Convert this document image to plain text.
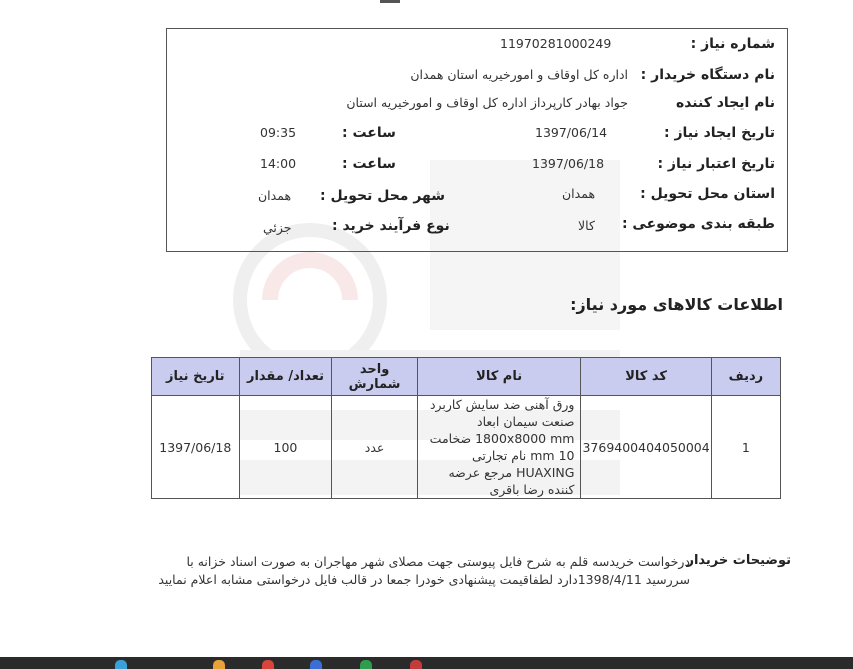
شماره نیاز :
11970281000249
نام دستگاه خریدار :
اداره کل اوقاف و امورخیریه استان همدان
نام ایجاد کننده
جواد بهادر کارپرداز اداره کل اوقاف و امورخیریه استان
تاریخ ایجاد نیاز :
1397/06/14
ساعت :
09:35
تاریخ اعتبار نیاز :
1397/06/18
ساعت :
14:00
استان محل تحویل :
همدان
شهر محل تحویل :
همدان
طبقه بندی موضوعی :
کالا
نوع فرآیند خرید :
جزئي
اطلاعات کالاهای مورد نیاز:
ردیف	کد کالا	نام کالا	واحد شمارش	تعداد/ مقدار	تاریخ نیاز
1	3769400404050004	ورق آهنی ضد سایش کاربرد صنعت سیمان ابعاد 1800x8000 mm ضخامت 10 mm نام تجارتی HUAXING مرجع عرضه کننده رضا باقری	عدد	100	1397/06/18
توضیحات خریدار
درخواست خریدسه قلم به شرح فایل پیوستی جهت مصلای شهر مهاجران به صورت اسناد خزانه با سررسید 1398/4/11دارد لطفاقیمت پیشنهادی خودرا جمعا در قالب فایل درخواستی مشابه اعلام نمایید
